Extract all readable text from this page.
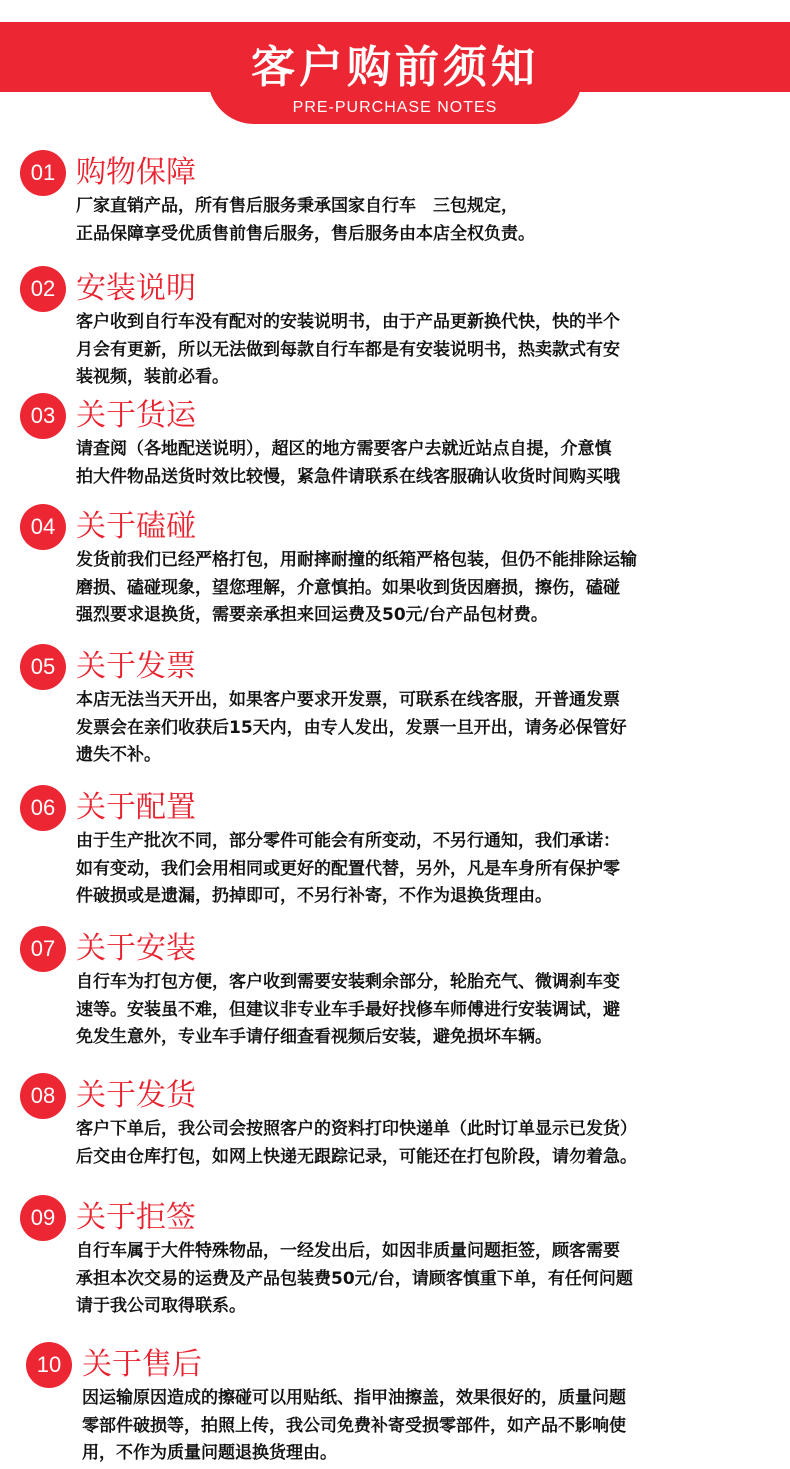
客户购前须知
PRE-PURCHASE NOTES
01 购物保障
厂家直销产品，所有售后服务秉承国家自行车　三包规定，
正品保障享受优质售前售后服务，售后服务由本店全权负责。
02 安装说明
客户收到自行车没有配对的安装说明书，由于产品更新换代快，快的半个
月会有更新，所以无法做到每款自行车都是有安装说明书，热卖款式有安
装视频，装前必看。
03 关于货运
请查阅（各地配送说明），超区的地方需要客户去就近站点自提，介意慎
拍大件物品送货时效比较慢，紧急件请联系在线客服确认收货时间购买哦
04 关于磕碰
发货前我们已经严格打包，用耐摔耐撞的纸箱严格包装，但仍不能排除运输
磨损、磕碰现象，望您理解，介意慎拍。如果收到货因磨损，擦伤，磕碰
强烈要求退换货，需要亲承担来回运费及50元/台产品包材费。
05 关于发票
本店无法当天开出，如果客户要求开发票，可联系在线客服，开普通发票
发票会在亲们收获后15天内，由专人发出，发票一旦开出，请务必保管好
遗失不补。
06 关于配置
由于生产批次不同，部分零件可能会有所变动，不另行通知，我们承诺：
如有变动，我们会用相同或更好的配置代替，另外，凡是车身所有保护零
件破损或是遗漏，扔掉即可，不另行补寄，不作为退换货理由。
07 关于安装
自行车为打包方便，客户收到需要安装剩余部分，轮胎充气、微调刹车变
速等。安装虽不难，但建议非专业车手最好找修车师傅进行安装调试，避
免发生意外，专业车手请仔细查看视频后安装，避免损坏车辆。
08 关于发货
客户下单后，我公司会按照客户的资料打印快递单（此时订单显示已发货）
后交由仓库打包，如网上快递无跟踪记录，可能还在打包阶段，请勿着急。
09 关于拒签
自行车属于大件特殊物品，一经发出后，如因非质量问题拒签，顾客需要
承担本次交易的运费及产品包装费50元/台，请顾客慎重下单，有任何问题
请于我公司取得联系。
10 关于售后
因运输原因造成的擦碰可以用贴纸、指甲油擦盖，效果很好的，质量问题
零部件破损等，拍照上传，我公司免费补寄受损零部件，如产品不影响使
用，不作为质量问题退换货理由。
